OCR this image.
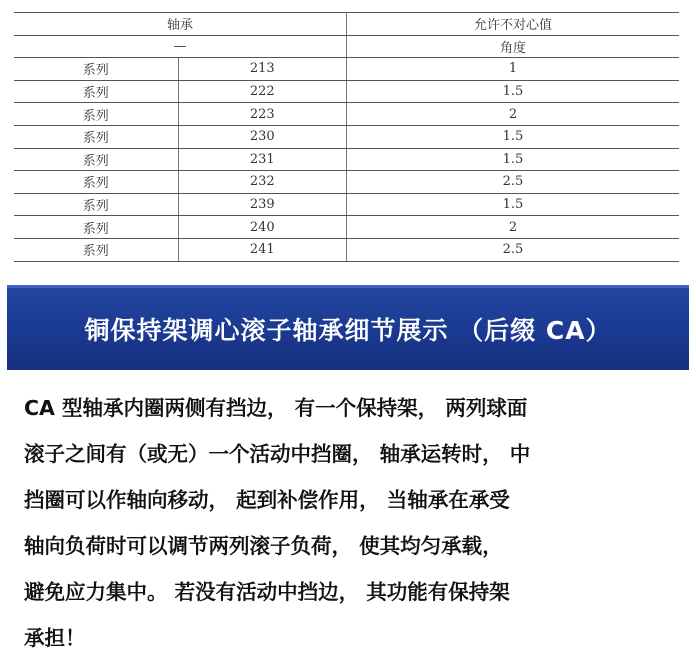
轴承		允许不对心值
—		角度
系列	213	1
系列	222	1.5
系列	223	2
系列	230	1.5
系列	231	1.5
系列	232	2.5
系列	239	1.5
系列	240	2
系列	241	2.5
铜保持架调心滚子轴承细节展示 （后缀 CA）
CA 型轴承内圈两侧有挡边， 有一个保持架， 两列球面
滚子之间有（或无）一个活动中挡圈， 轴承运转时， 中
挡圈可以作轴向移动， 起到补偿作用， 当轴承在承受
轴向负荷时可以调节两列滚子负荷， 使其均匀承载，
避免应力集中。 若没有活动中挡边， 其功能有保持架
承担！
